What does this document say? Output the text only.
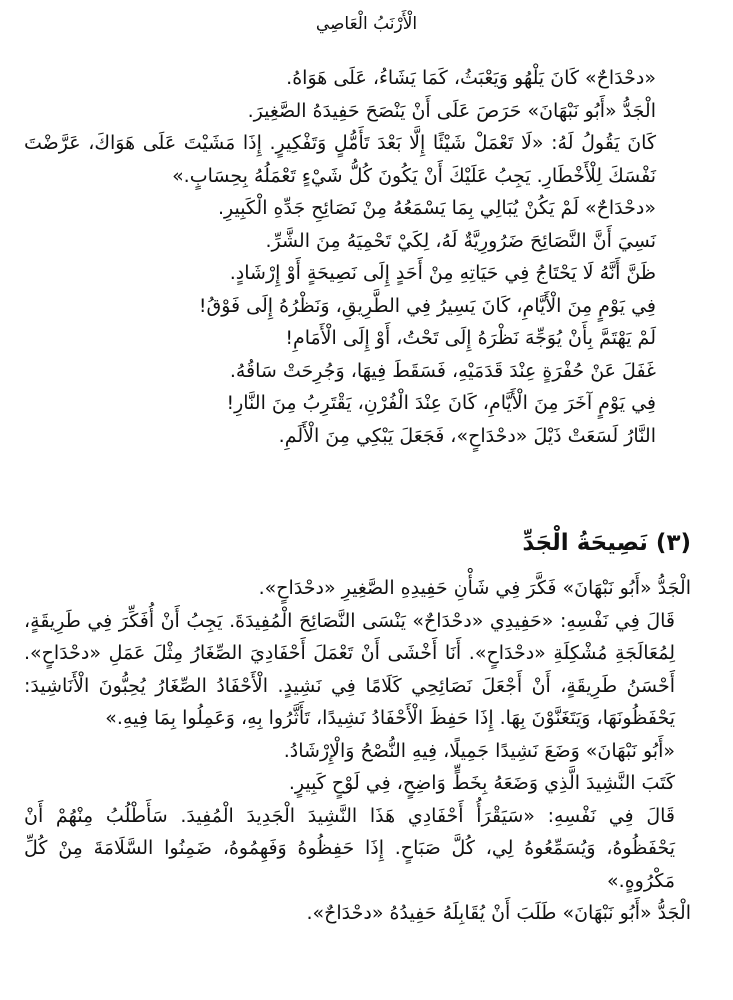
الْأَرْنَبُ الْعَاصِي

«دحْدَاحٌ» كَانَ يَلْهُو وَيَعْبَثُ، كَمَا يَشَاءُ، عَلَى هَوَاهُ.

الْجَدُّ «أَبُو نَبْهَانَ» حَرَصَ عَلَى أَنْ يَنْصَحَ حَفِيدَهُ الصَّغِيرَ.

كَانَ يَقُولُ لَهُ: «لَا تَعْمَلْ شَيْئًا إِلَّا بَعْدَ تَأَمُّلٍ وَتَفْكِيرٍ. إِذَا مَشَيْتَ عَلَى هَوَاكَ، عَرَّضْتَ نَفْسَكَ لِلْأَخْطَارِ. يَجِبُ عَلَيْكَ أَنْ يَكُونَ كُلُّ شَيْءٍ تَعْمَلُهُ بِحِسَابٍ.»

«دحْدَاحٌ» لَمْ يَكُنْ يُبَالِي بِمَا يَسْمَعُهُ مِنْ نَصَائِحِ جَدِّهِ الْكَبِيرِ.

نَسِيَ أَنَّ النَّصَائِحَ ضَرُورِيَّةٌ لَهُ، لِكَيْ تَحْمِيَهُ مِنَ الشَّرِّ.

ظَنَّ أَنَّهُ لَا يَحْتَاجُ فِي حَيَاتِهِ مِنْ أَحَدٍ إِلَى نَصِيحَةٍ أَوْ إِرْشَادٍ.

فِي يَوْمٍ مِنَ الْأَيَّامِ، كَانَ يَسِيرُ فِي الطَّرِيقِ، وَنَظْرُهُ إِلَى فَوْقُ!

لَمْ يَهْتَمَّ بِأَنْ يُوَجِّهَ نَظْرَهُ إِلَى تَحْتُ، أَوْ إِلَى الْأَمَامِ!

غَفَلَ عَنْ حُفْرَةٍ عِنْدَ قَدَمَيْهِ، فَسَقَطَ فِيهَا، وَجُرِحَتْ سَاقُهُ.

فِي يَوْمٍ آخَرَ مِنَ الْأَيَّامِ، كَانَ عِنْدَ الْفُرْنِ، يَقْتَرِبُ مِنَ النَّارِ!

النَّارُ لَسَعَتْ ذَيْلَ «دحْدَاحٍ»، فَجَعَلَ يَبْكِي مِنَ الْأَلَمِ.

(٣) نَصِيحَةُ الْجَدِّ

الْجَدُّ «أَبُو نَبْهَانَ» فَكَّرَ فِي شَأْنِ حَفِيدِهِ الصَّغِيرِ «دحْدَاحٍ».

قَالَ فِي نَفْسِهِ: «حَفِيدِي «دحْدَاحٌ» يَنْسَى النَّصَائِحَ الْمُفِيدَةَ. يَجِبُ أَنْ أُفَكِّرَ فِي طَرِيقَةٍ، لِمُعَالَجَةِ مُشْكِلَةِ «دحْدَاحٍ». أَنَا أَخْشَى أَنْ تَعْمَلَ أَحْفَادِيَ الصِّغَارُ مِثْلَ عَمَلِ «دحْدَاحٍ». أَحْسَنُ طَرِيقَةٍ، أَنْ أَجْعَلَ نَصَائِحِي كَلَامًا فِي نَشِيدٍ. الْأَحْفَادُ الصِّغَارُ يُحِبُّونَ الْأَنَاشِيدَ: يَحْفَظُونَهَا، وَيَتَغَنَّوْنَ بِهَا. إِذَا حَفِظَ الْأَحْفَادُ نَشِيدًا، تَأَثَّرُوا بِهِ، وَعَمِلُوا بِمَا فِيهِ.»

«أَبُو نَبْهَانَ» وَضَعَ نَشِيدًا جَمِيلًا، فِيهِ النُّصْحُ وَالْإِرْشَادُ.

كَتَبَ النَّشِيدَ الَّذِي وَضَعَهُ بِخَطٍّ وَاضِحٍ، فِي لَوْحٍ كَبِيرٍ.

قَالَ فِي نَفْسِهِ: «سَيَقْرَأُ أَحْفَادِي هَذَا النَّشِيدَ الْجَدِيدَ الْمُفِيدَ. سَأَطْلُبُ مِنْهُمْ أَنْ يَحْفَظُوهُ، وَيُسَمِّعُوهُ لِي، كُلَّ صَبَاحٍ. إِذَا حَفِظُوهُ وَفَهِمُوهُ، ضَمِنُوا السَّلَامَةَ مِنْ كُلِّ مَكْرُوهٍ.»

الْجَدُّ «أَبُو نَبْهَانَ» طَلَبَ أَنْ يُقَابِلَهُ حَفِيدُهُ «دحْدَاحٌ».
